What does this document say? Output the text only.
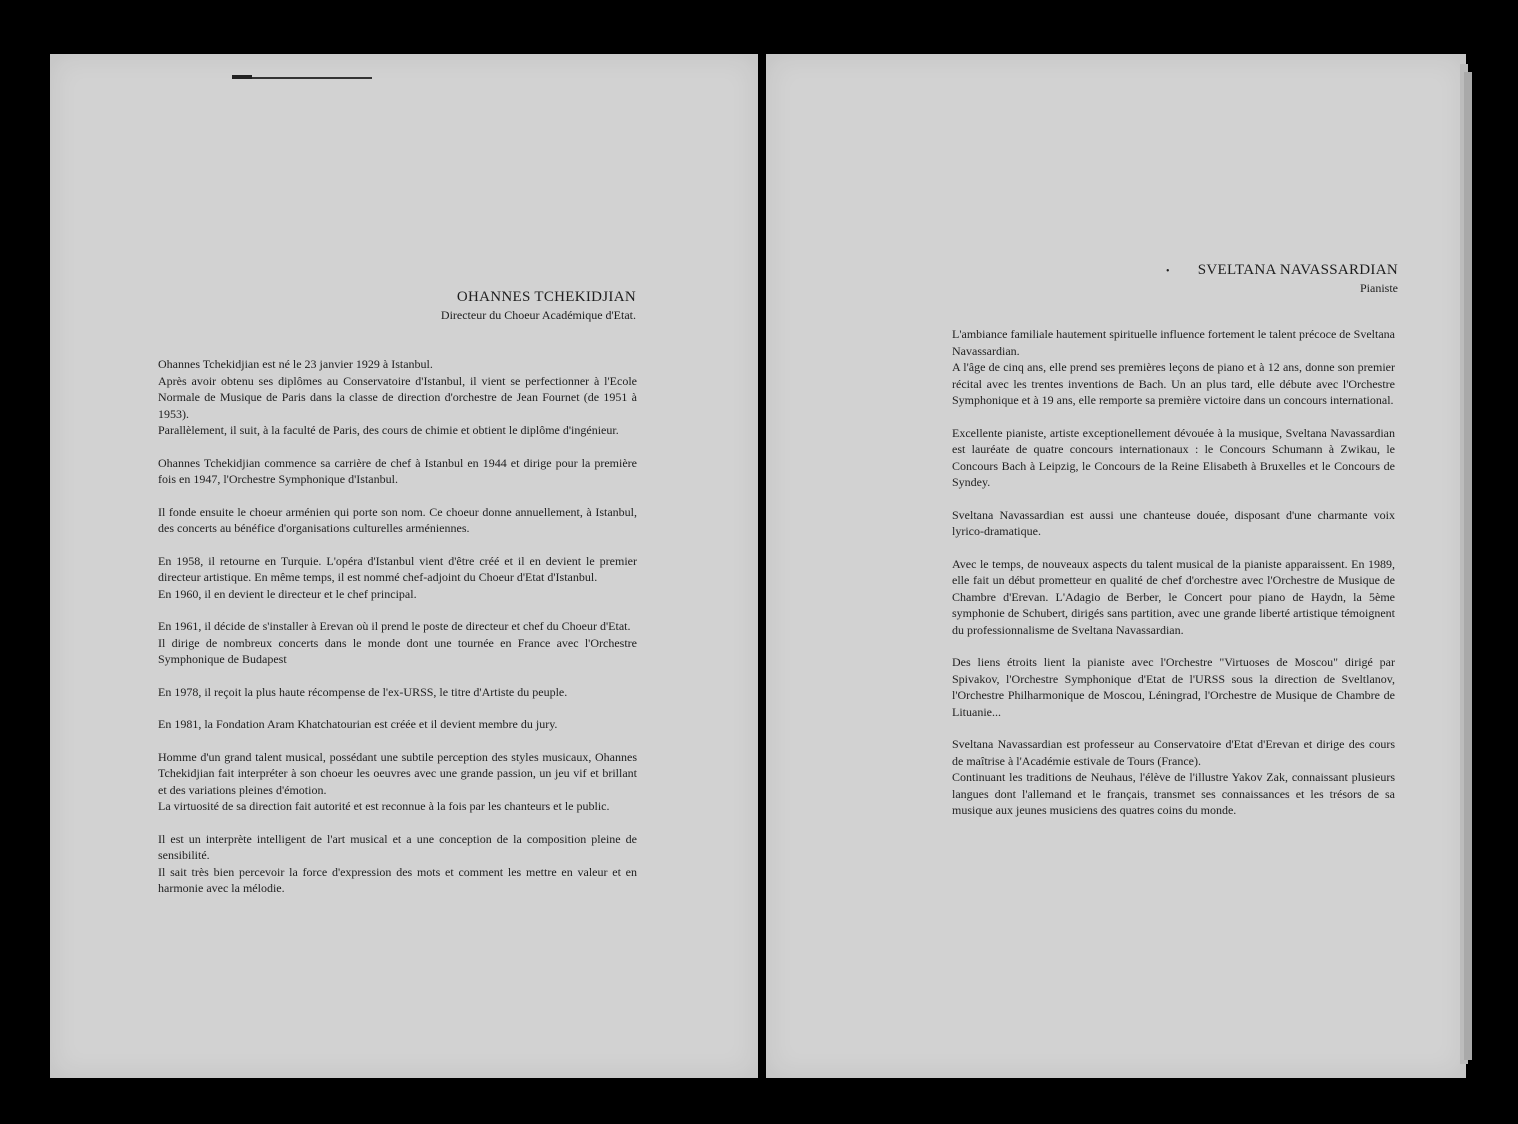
OHANNES TCHEKIDJIAN

Directeur du Choeur Académique d'Etat.

Ohannes Tchekidjian est né le 23 janvier 1929 à Istanbul.
Après avoir obtenu ses diplômes au Conservatoire d'Istanbul, il vient se perfectionner à l'Ecole Normale de Musique de Paris dans la classe de direction d'orchestre de Jean Fournet (de 1951 à 1953).
Parallèlement, il suit, à la faculté de Paris, des cours de chimie et obtient le diplôme d'ingénieur.

Ohannes Tchekidjian commence sa carrière de chef à Istanbul en 1944 et dirige pour la première fois en 1947, l'Orchestre Symphonique d'Istanbul.

Il fonde ensuite le choeur arménien qui porte son nom. Ce choeur donne annuellement, à Istanbul, des concerts au bénéfice d'organisations culturelles arméniennes.

En 1958, il retourne en Turquie. L'opéra d'Istanbul vient d'être créé et il en devient le premier directeur artistique. En même temps, il est nommé chef-adjoint du Choeur d'Etat d'Istanbul.
En 1960, il en devient le directeur et le chef principal.

En 1961, il décide de s'installer à Erevan où il prend le poste de directeur et chef du Choeur d'Etat.
Il dirige de nombreux concerts dans le monde dont une tournée en France avec l'Orchestre Symphonique de Budapest

En 1978, il reçoit la plus haute récompense de l'ex-URSS, le titre d'Artiste du peuple.

En 1981, la Fondation Aram Khatchatourian est créée et il devient membre du jury.

Homme d'un grand talent musical, possédant une subtile perception des styles musicaux, Ohannes Tchekidjian fait interpréter à son choeur les oeuvres avec une grande passion, un jeu vif et brillant et des variations pleines d'émotion.
La virtuosité de sa direction fait autorité et est reconnue à la fois par les chanteurs et le public.

Il est un interprète intelligent de l'art musical et a une conception de la composition pleine de sensibilité.
Il sait très bien percevoir la force d'expression des mots et comment les mettre en valeur et en harmonie avec la mélodie.

•	SVELTANA NAVASSARDIAN

Pianiste

L'ambiance familiale hautement spirituelle influence fortement le talent précoce de Sveltana Navassardian.
A l'âge de cinq ans, elle prend ses premières leçons de piano et à 12 ans, donne son premier récital avec les trentes inventions de Bach. Un an plus tard, elle débute avec l'Orchestre Symphonique et à 19 ans, elle remporte sa première victoire dans un concours international.

Excellente pianiste, artiste exceptionellement dévouée à la musique, Sveltana Navassardian est lauréate de quatre concours internationaux : le Concours Schumann à Zwikau, le Concours Bach à Leipzig, le Concours de la Reine Elisabeth à Bruxelles et le Concours de Syndey.

Sveltana Navassardian est aussi une chanteuse douée, disposant d'une charmante voix lyrico-dramatique.

Avec le temps, de nouveaux aspects du talent musical de la pianiste apparaissent. En 1989, elle fait un début prometteur en qualité de chef d'orchestre avec l'Orchestre de Musique de Chambre d'Erevan. L'Adagio de Berber, le Concert pour piano de Haydn, la 5ème symphonie de Schubert, dirigés sans partition, avec une grande liberté artistique témoignent du professionnalisme de Sveltana Navassardian.

Des liens étroits lient la pianiste avec l'Orchestre "Virtuoses de Moscou" dirigé par Spivakov, l'Orchestre Symphonique d'Etat de l'URSS sous la direction de Sveltlanov, l'Orchestre Philharmonique de Moscou, Léningrad, l'Orchestre de Musique de Chambre de Lituanie...

Sveltana Navassardian est professeur au Conservatoire d'Etat d'Erevan et dirige des cours de maîtrise à l'Académie estivale de Tours (France).
Continuant les traditions de Neuhaus, l'élève de l'illustre Yakov Zak, connaissant plusieurs langues dont l'allemand et le français, transmet ses connaissances et les trésors de sa musique aux jeunes musiciens des quatres coins du monde.
